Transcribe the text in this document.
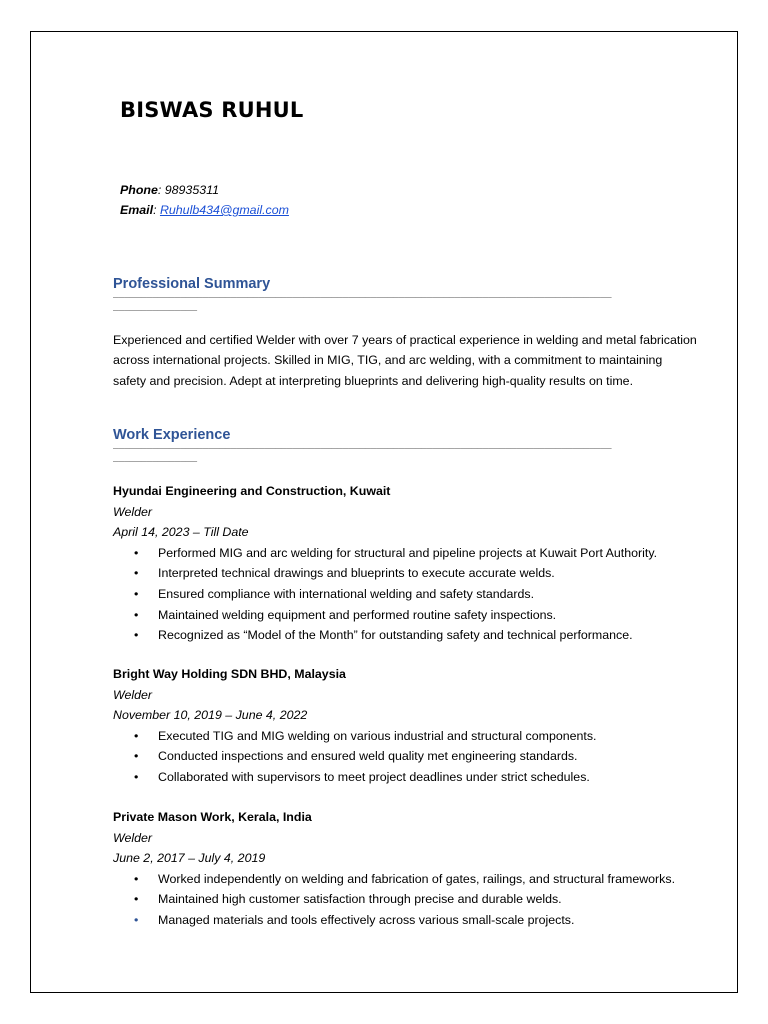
BISWAS RUHUL
Phone: 98935311
Email: Ruhulb434@gmail.com
Professional Summary
_________________________________________________________________________________________
_______________

Experienced and certified Welder with over 7 years of practical experience in welding and metal fabrication across international projects. Skilled in MIG, TIG, and arc welding, with a commitment to maintaining safety and precision. Adept at interpreting blueprints and delivering high-quality results on time.

Work Experience
_________________________________________________________________________________________
_______________
Hyundai Engineering and Construction, Kuwait
Welder
April 14, 2023 – Till Date
• Performed MIG and arc welding for structural and pipeline projects at Kuwait Port Authority.
• Interpreted technical drawings and blueprints to execute accurate welds.
• Ensured compliance with international welding and safety standards.
• Maintained welding equipment and performed routine safety inspections.
• Recognized as “Model of the Month” for outstanding safety and technical performance.
Bright Way Holding SDN BHD, Malaysia
Welder
November 10, 2019 – June 4, 2022
• Executed TIG and MIG welding on various industrial and structural components.
• Conducted inspections and ensured weld quality met engineering standards.
• Collaborated with supervisors to meet project deadlines under strict schedules.
Private Mason Work, Kerala, India
Welder
June 2, 2017 – July 4, 2019
• Worked independently on welding and fabrication of gates, railings, and structural frameworks.
• Maintained high customer satisfaction through precise and durable welds.
• Managed materials and tools effectively across various small-scale projects.
